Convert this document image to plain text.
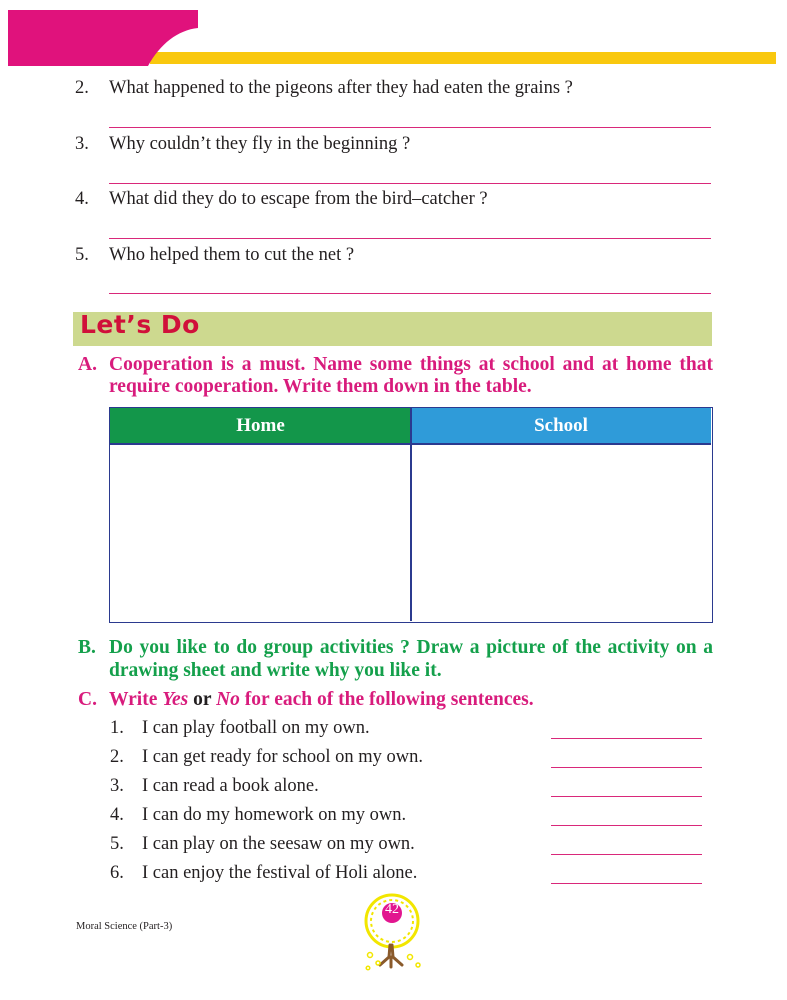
2. What happened to the pigeons after they had eaten the grains ?
3. Why couldn’t they fly in the beginning ?
4. What did they do to escape from the bird–catcher ?
5. Who helped them to cut the net ?
Let’s Do
A. Cooperation is a must. Name some things at school and at home that
require cooperation. Write them down in the table.
Home	School
B. Do you like to do group activities ? Draw a picture of the activity on a
drawing sheet and write why you like it.
C. Write Yes or No for each of the following sentences.
1. I can play football on my own.
2. I can get ready for school on my own.
3. I can read a book alone.
4. I can do my homework on my own.
5. I can play on the seesaw on my own.
6. I can enjoy the festival of Holi alone.
Moral Science (Part-3)
42
